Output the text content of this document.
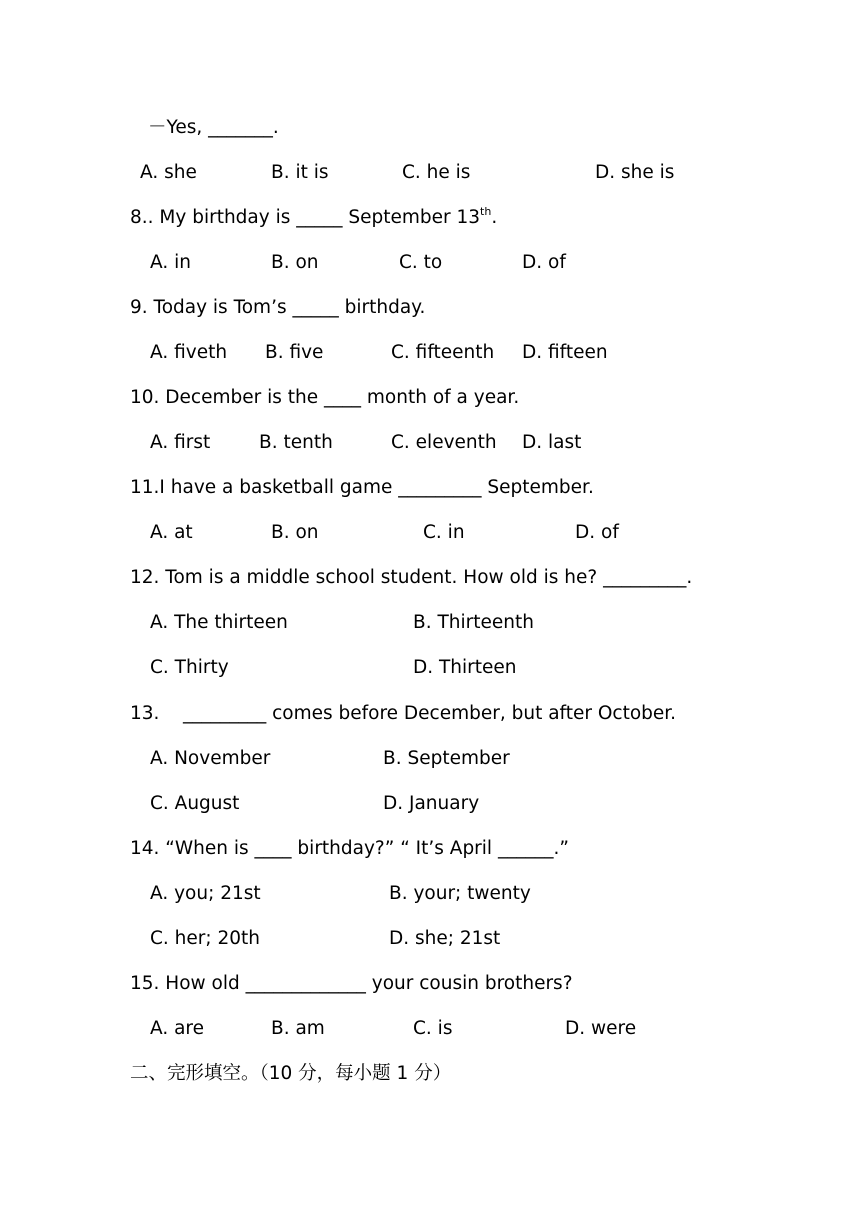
－Yes, _______.
A. she	B. it is	C. he is	D. she is
8.. My birthday is _____ September 13th.
A. in	B. on	C. to	D. of
9. Today is Tom’s _____ birthday.
A. fiveth B. five	C. fifteenth D. fifteen
10. December is the ____ month of a year.
A. first	B. tenth	C. eleventh D. last
11.I have a basketball game _________ September.
A. at	B. on	C. in	D. of
12. Tom is a middle school student. How old is he? _________.
A. The thirteen	B. Thirteenth
C. Thirty	D. Thirteen
13.    _________ comes before December, but after October.
A. November	B. September
C. August	D. January
14. “When is ____ birthday?” “ It’s April ______.”
A. you; 21st	B. your; twenty
C. her; 20th	D. she; 21st
15. How old _____________ your cousin brothers?
A. are	B. am	C. is	D. were
二、完形填空。（10 分，每小题 1 分）
